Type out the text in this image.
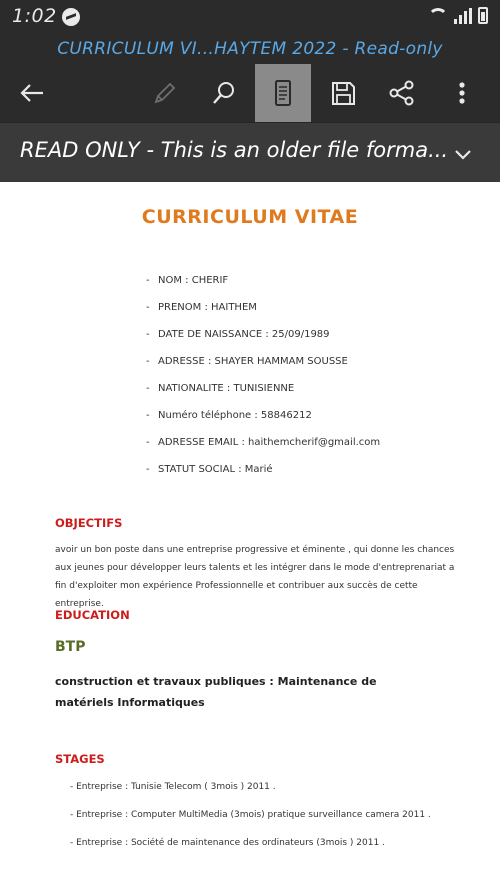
1:02
CURRICULUM VI...HAYTEM 2022 - Read-only
READ ONLY - This is an older file forma...
CURRICULUM VITAE
- NOM : CHERIF
- PRENOM : HAITHEM
- DATE DE NAISSANCE : 25/09/1989
- ADRESSE : SHAYER HAMMAM SOUSSE
- NATIONALITE : TUNISIENNE
- Numéro téléphone : 58846212
- ADRESSE EMAIL : haithemcherif@gmail.com
- STATUT SOCIAL : Marié
OBJECTIFS
avoir un bon poste dans une entreprise progressive et éminente , qui donne les chances aux jeunes pour développer leurs talents et les intégrer dans le mode d'entreprenariat a fin d'exploiter mon expérience Professionnelle et contribuer aux succès de cette entreprise.
EDUCATION
BTP
construction et travaux publiques : Maintenance de matériels Informatiques
STAGES
- Entreprise : Tunisie Telecom ( 3mois ) 2011 .
- Entreprise : Computer MultiMedia (3mois) pratique surveillance camera 2011 .
- Entreprise : Société de maintenance des ordinateurs (3mois ) 2011 .
